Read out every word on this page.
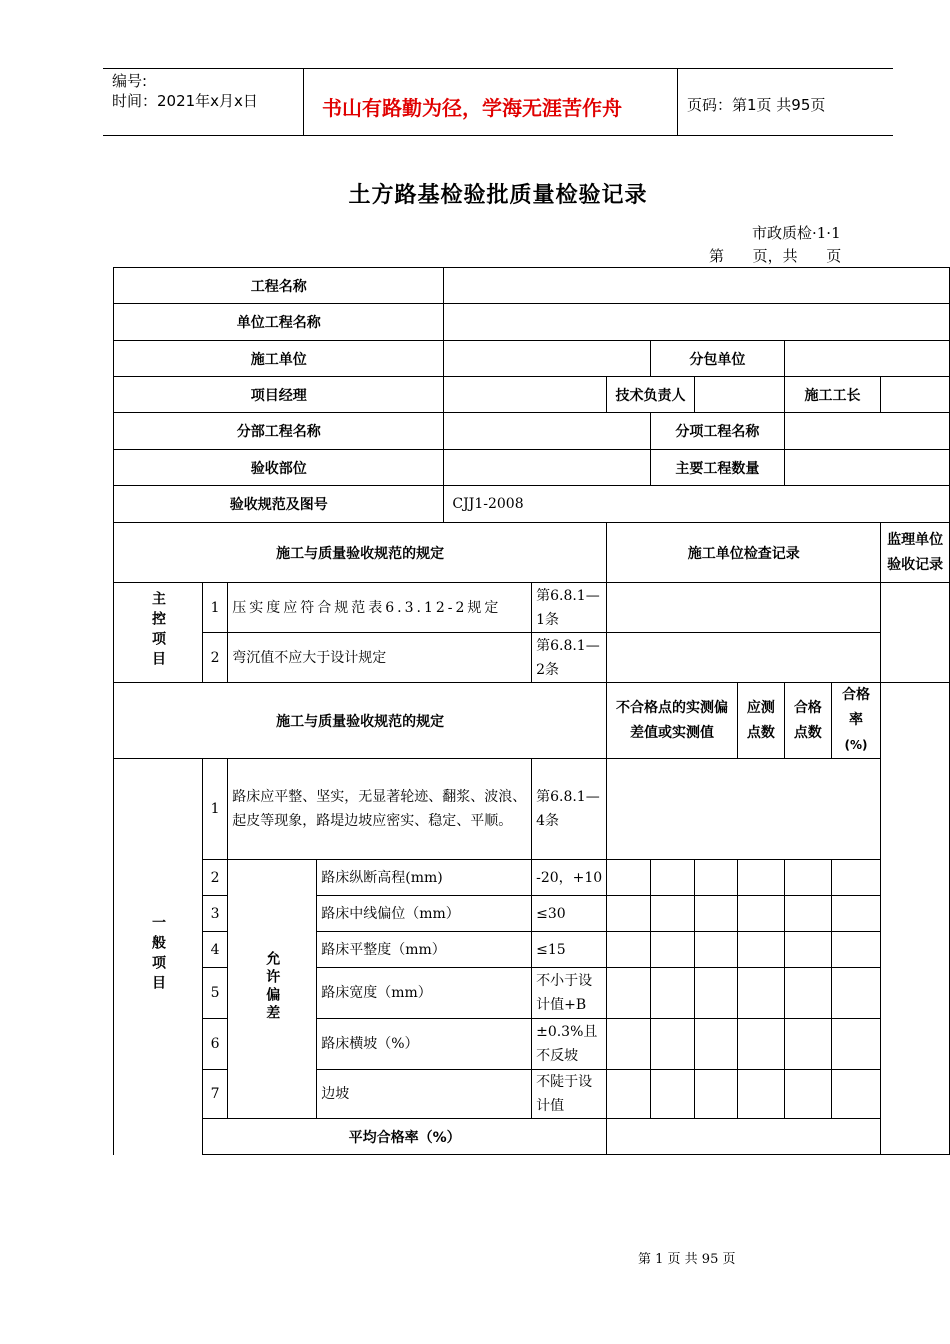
编号:
时间：2021年x月x日	书山有路勤为径，学海无涯苦作舟	页码：第1页 共95页
土方路基检验批质量检验记录
市政质检·1·1
第      页，共      页
工程名称												
单位工程名称												
施工单位							分包单位					
项目经理						技术负责人				施工工长		
分部工程名称							分项工程名称					
验收部位							主要工程数量					
验收规范及图号				CJJ1-2008								
施工与质量验收规范的规定						施工单位检查记录						监理单位验收记录
主控项目	1	压实度应符合规范表6.3.12-2规定			第6.8.1—1条							
	2	弯沉值不应大于设计规定			第6.8.1—2条							
施工与质量验收规范的规定						不合格点的实测偏差值或实测值			应测点数	合格点数	合格率
(%)	
一般项目	1	路床应平整、坚实，无显著轮迹、翻浆、波浪、起皮等现象，路堤边坡应密实、稳定、平顺。			第6.8.1—4条							
	2	允许偏差	路床纵断高程(mm)		-20，+10							
	3		路床中线偏位（mm）		≤30							
	4		路床平整度（mm）		≤15							
	5		路床宽度（mm）		不小于设计值+B							
	6		路床横坡（%）		±0.3%且不反坡							
	7		边坡		不陡于设计值							
	平均合格率（%）											
第 1 页 共 95 页
